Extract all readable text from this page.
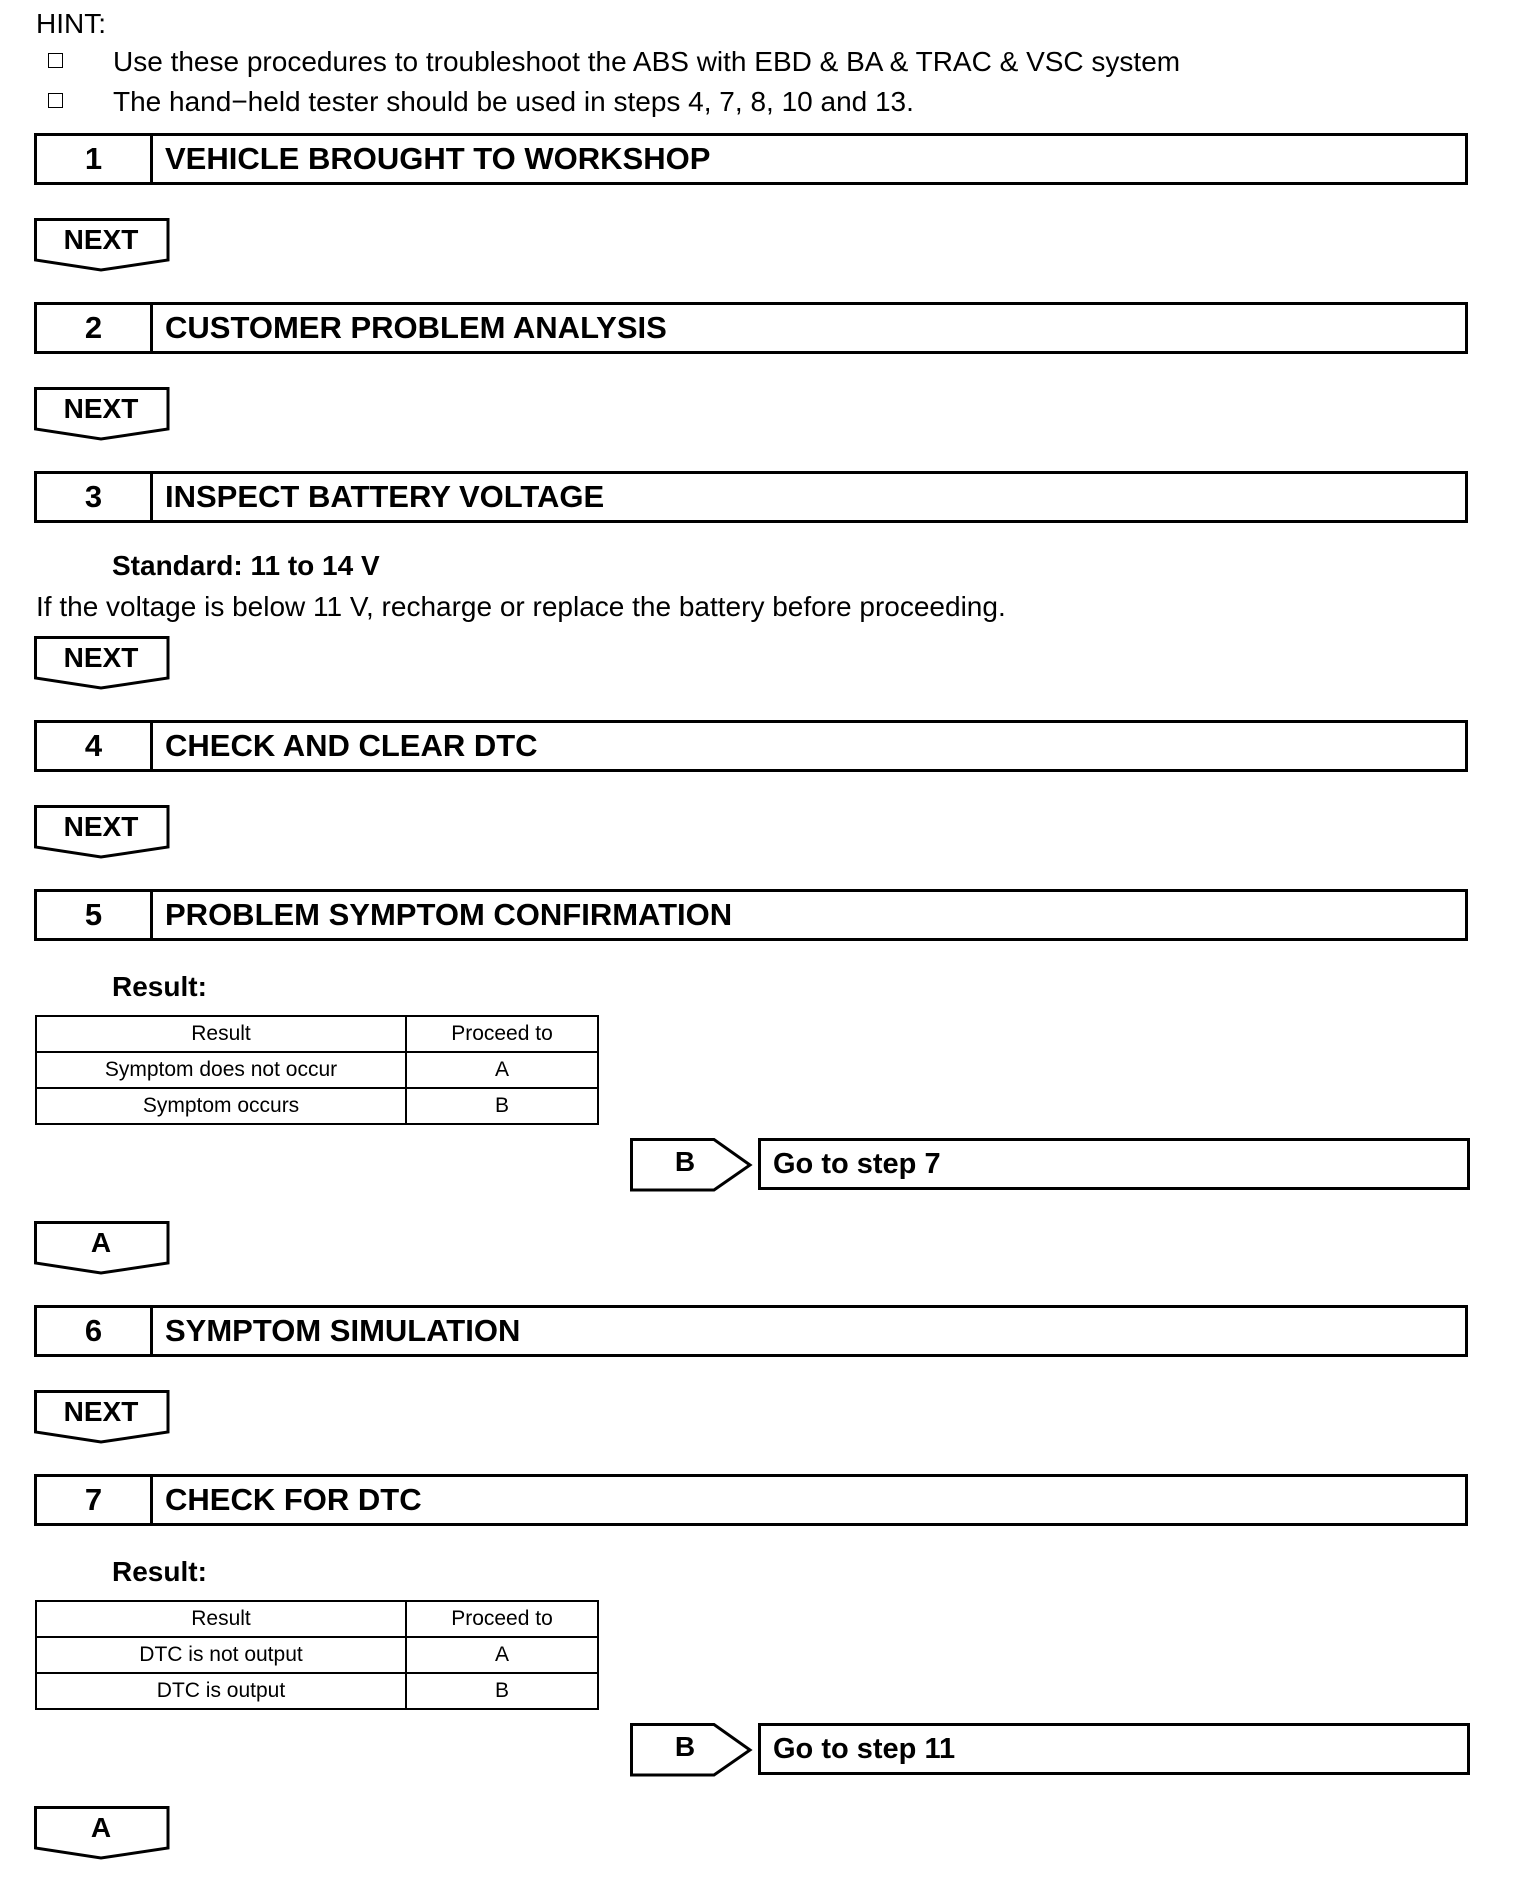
HINT:
Use these procedures to troubleshoot the ABS with EBD & BA & TRAC & VSC system
The hand−held tester should be used in steps 4, 7, 8, 10 and 13.
1	VEHICLE BROUGHT TO WORKSHOP
NEXT
2	CUSTOMER PROBLEM ANALYSIS
NEXT
3	INSPECT BATTERY VOLTAGE
Standard: 11 to 14 V
If the voltage is below 11 V, recharge or replace the battery before proceeding.
NEXT
4	CHECK AND CLEAR DTC
NEXT
5	PROBLEM SYMPTOM CONFIRMATION
Result:
Result	Proceed to
Symptom does not occur	A
Symptom occurs	B
B	Go to step 7
A
6	SYMPTOM SIMULATION
NEXT
7	CHECK FOR DTC
Result:
Result	Proceed to
DTC is not output	A
DTC is output	B
B	Go to step 11
A
